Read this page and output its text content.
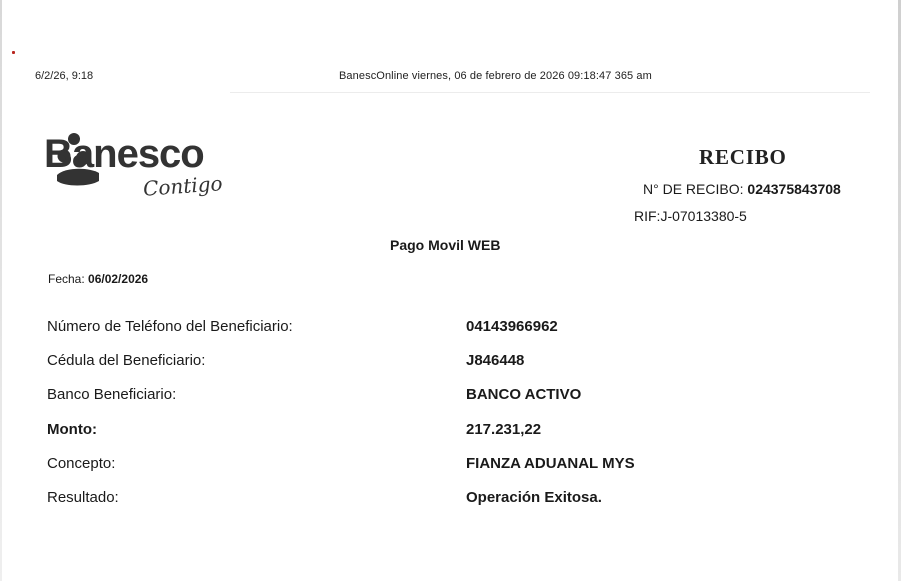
6/2/26, 9:18	BanescOnline viernes, 06 de febrero de 2026 09:18:47 365 am
Banesco
Contigo
RECIBO
N° DE RECIBO: 024375843708
RIF:J-07013380-5
Pago Movil WEB
Fecha: 06/02/2026
Número de Teléfono del Beneficiario:	04143966962
Cédula del Beneficiario:	J846448
Banco Beneficiario:	BANCO ACTIVO
Monto:	217.231,22
Concepto:	FIANZA ADUANAL MYS
Resultado:	Operación Exitosa.
